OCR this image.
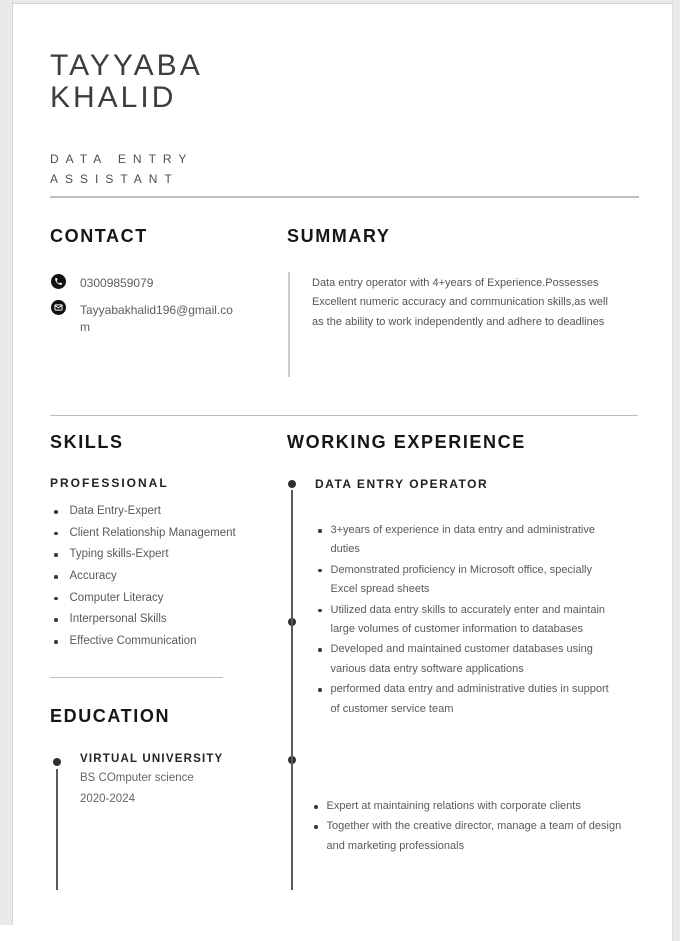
TAYYABA KHALID
DATA ENTRY ASSISTANT
CONTACT
03009859079
Tayyabakhalid196@gmail.com
SUMMARY
Data entry operator with 4+years of Experience.Possesses Excellent numeric accuracy and communication skills,as well as the ability to work independently and adhere to deadlines
SKILLS
PROFESSIONAL
Data Entry-Expert
Client Relationship Management
Typing skills-Expert
Accuracy
Computer Literacy
Interpersonal Skills
Effective Communication
EDUCATION
VIRTUAL UNIVERSITY
BS COmputer science
2020-2024
WORKING EXPERIENCE
DATA ENTRY OPERATOR
3+years of experience in data entry and administrative duties
Demonstrated proficiency in Microsoft office, specially Excel spread sheets
Utilized data entry skills to accurately enter and maintain large volumes of customer information to databases
Developed and maintained customer databases using various data entry software applications
performed data entry and administrative duties in support of customer service team
Expert at maintaining relations with corporate clients
Together with the creative director, manage a team of design and marketing professionals
